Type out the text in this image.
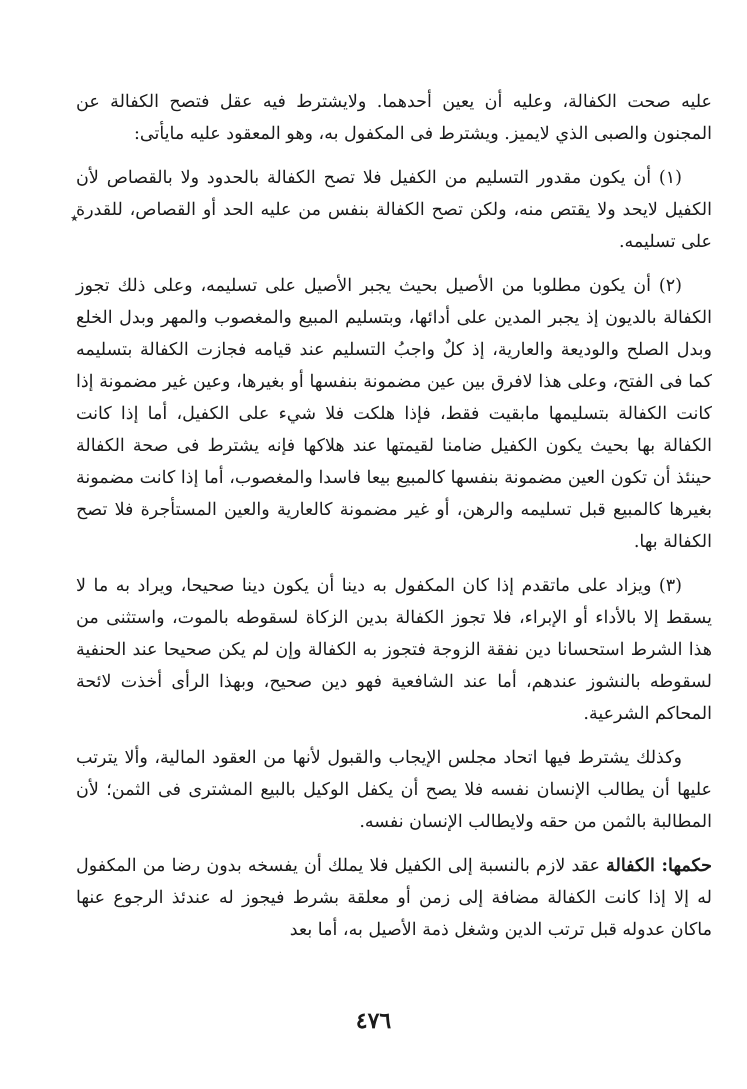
عليه صحت الكفالة، وعليه أن يعين أحدهما. ولايشترط فيه عقل فتصح الكفالة عن المجنون والصبى الذي لايميز. ويشترط فى المكفول به، وهو المعقود عليه مايأتى:

(١) أن يكون مقدور التسليم من الكفيل فلا تصح الكفالة بالحدود ولا بالقصاص لأن الكفيل لايحد ولا يقتص منه، ولكن تصح الكفالة بنفس من عليه الحد أو القصاص، للقدرة على تسليمه.

(٢) أن يكون مطلوبا من الأصيل بحيث يجبر الأصيل على تسليمه، وعلى ذلك تجوز الكفالة بالديون إذ يجبر المدين على أدائها، وبتسليم المبيع والمغصوب والمهر وبدل الخلع وبدل الصلح والوديعة والعارية، إذ كلٌ واجبُ التسليم عند قيامه فجازت الكفالة بتسليمه كما فى الفتح، وعلى هذا لافرق بين عين مضمونة بنفسها أو بغيرها، وعين غير مضمونة إذا كانت الكفالة بتسليمها مابقيت فقط، فإذا هلكت فلا شيء على الكفيل، أما إذا كانت الكفالة بها بحيث يكون الكفيل ضامنا لقيمتها عند هلاكها فإنه يشترط فى صحة الكفالة حينئذ أن تكون العين مضمونة بنفسها كالمبيع بيعا فاسدا والمغصوب، أما إذا كانت مضمونة بغيرها كالمبيع قبل تسليمه والرهن، أو غير مضمونة كالعارية والعين المستأجرة فلا تصح الكفالة بها.

(٣) ويزاد على ماتقدم إذا كان المكفول به دينا أن يكون دينا صحيحا، ويراد به ما لا يسقط إلا بالأداء أو الإبراء، فلا تجوز الكفالة بدين الزكاة لسقوطه بالموت، واستثنى من هذا الشرط استحسانا دين نفقة الزوجة فتجوز به الكفالة وإن لم يكن صحيحا عند الحنفية لسقوطه بالنشوز عندهم، أما عند الشافعية فهو دين صحيح، وبهذا الرأى أخذت لائحة المحاكم الشرعية.

وكذلك يشترط فيها اتحاد مجلس الإيجاب والقبول لأنها من العقود المالية، وألا يترتب عليها أن يطالب الإنسان نفسه فلا يصح أن يكفل الوكيل بالبيع المشترى فى الثمن؛ لأن المطالبة بالثمن من حقه ولايطالب الإنسان نفسه.

حكمها: الكفالة عقد لازم بالنسبة إلى الكفيل فلا يملك أن يفسخه بدون رضا من المكفول له إلا إذا كانت الكفالة مضافة إلى زمن أو معلقة بشرط فيجوز له عندئذ الرجوع عنها ماكان عدوله قبل ترتب الدين وشغل ذمة الأصيل به، أما بعد

٭
٤٧٦
